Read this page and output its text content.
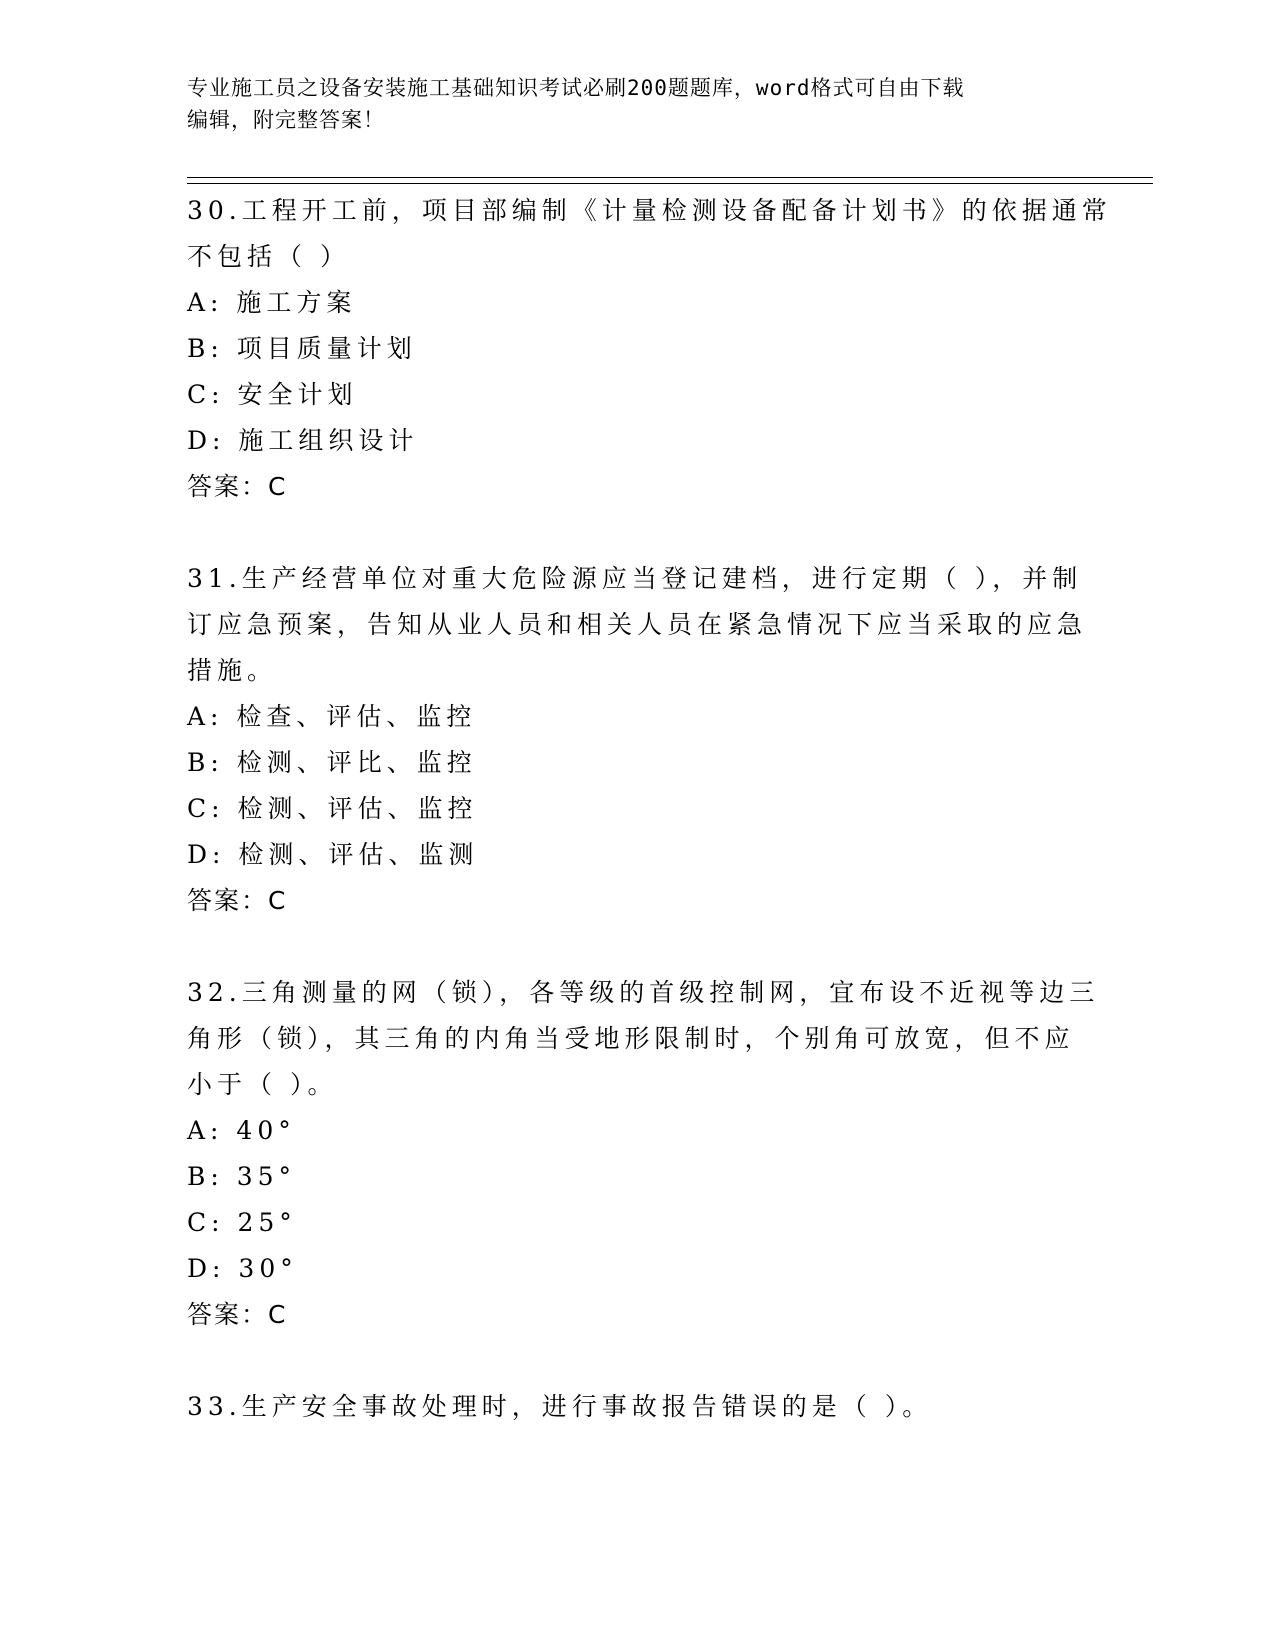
专业施工员之设备安装施工基础知识考试必刷200题题库，word格式可自由下载
编辑，附完整答案！
30.工程开工前，项目部编制《计量检测设备配备计划书》的依据通常
不包括（ ）
A: 施工方案
B: 项目质量计划
C: 安全计划
D: 施工组织设计
答案：C
31.生产经营单位对重大危险源应当登记建档，进行定期（ ），并制
订应急预案，告知从业人员和相关人员在紧急情况下应当采取的应急
措施。
A: 检查、评估、监控
B: 检测、评比、监控
C: 检测、评估、监控
D: 检测、评估、监测
答案：C
32.三角测量的网（锁），各等级的首级控制网，宜布设不近视等边三
角形（锁），其三角的内角当受地形限制时，个别角可放宽，但不应
小于（ ）。
A: 40°
B: 35°
C: 25°
D: 30°
答案：C
33.生产安全事故处理时，进行事故报告错误的是（ ）。
